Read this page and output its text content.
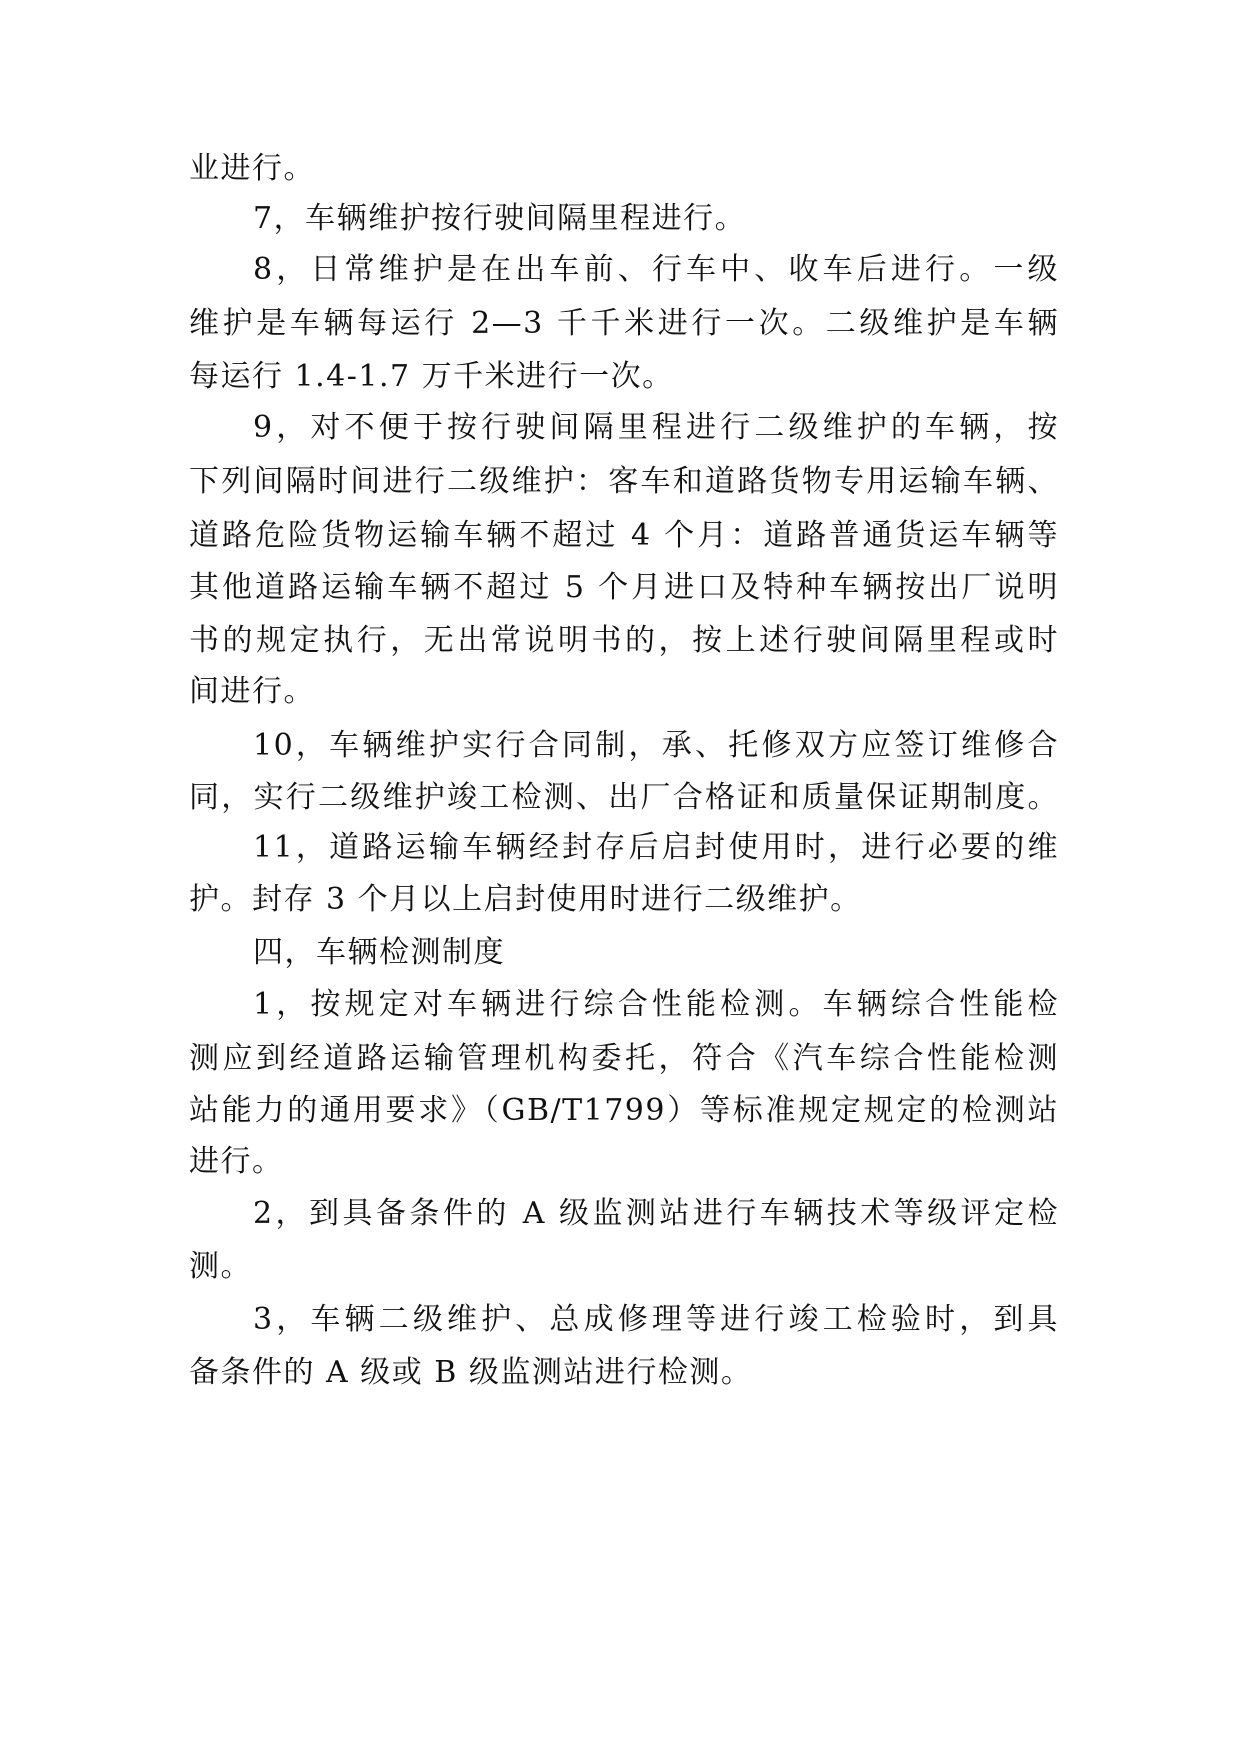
业进行。
7，车辆维护按行驶间隔里程进行。
8，日常维护是在出车前、行车中、收车后进行。一级
维护是车辆每运行 2—3 千千米进行一次。二级维护是车辆
每运行 1.4-1.7 万千米进行一次。
9，对不便于按行驶间隔里程进行二级维护的车辆，按
下列间隔时间进行二级维护：客车和道路货物专用运输车辆、
道路危险货物运输车辆不超过 4 个月：道路普通货运车辆等
其他道路运输车辆不超过 5 个月进口及特种车辆按出厂说明
书的规定执行，无出常说明书的，按上述行驶间隔里程或时
间进行。
10，车辆维护实行合同制，承、托修双方应签订维修合
同，实行二级维护竣工检测、出厂合格证和质量保证期制度。
11，道路运输车辆经封存后启封使用时，进行必要的维
护。封存 3 个月以上启封使用时进行二级维护。
四，车辆检测制度
1，按规定对车辆进行综合性能检测。车辆综合性能检
测应到经道路运输管理机构委托，符合《汽车综合性能检测
站能力的通用要求》（GB/T1799）等标准规定规定的检测站
进行。
2，到具备条件的 A 级监测站进行车辆技术等级评定检
测。
3，车辆二级维护、总成修理等进行竣工检验时，到具
备条件的 A 级或 B 级监测站进行检测。
